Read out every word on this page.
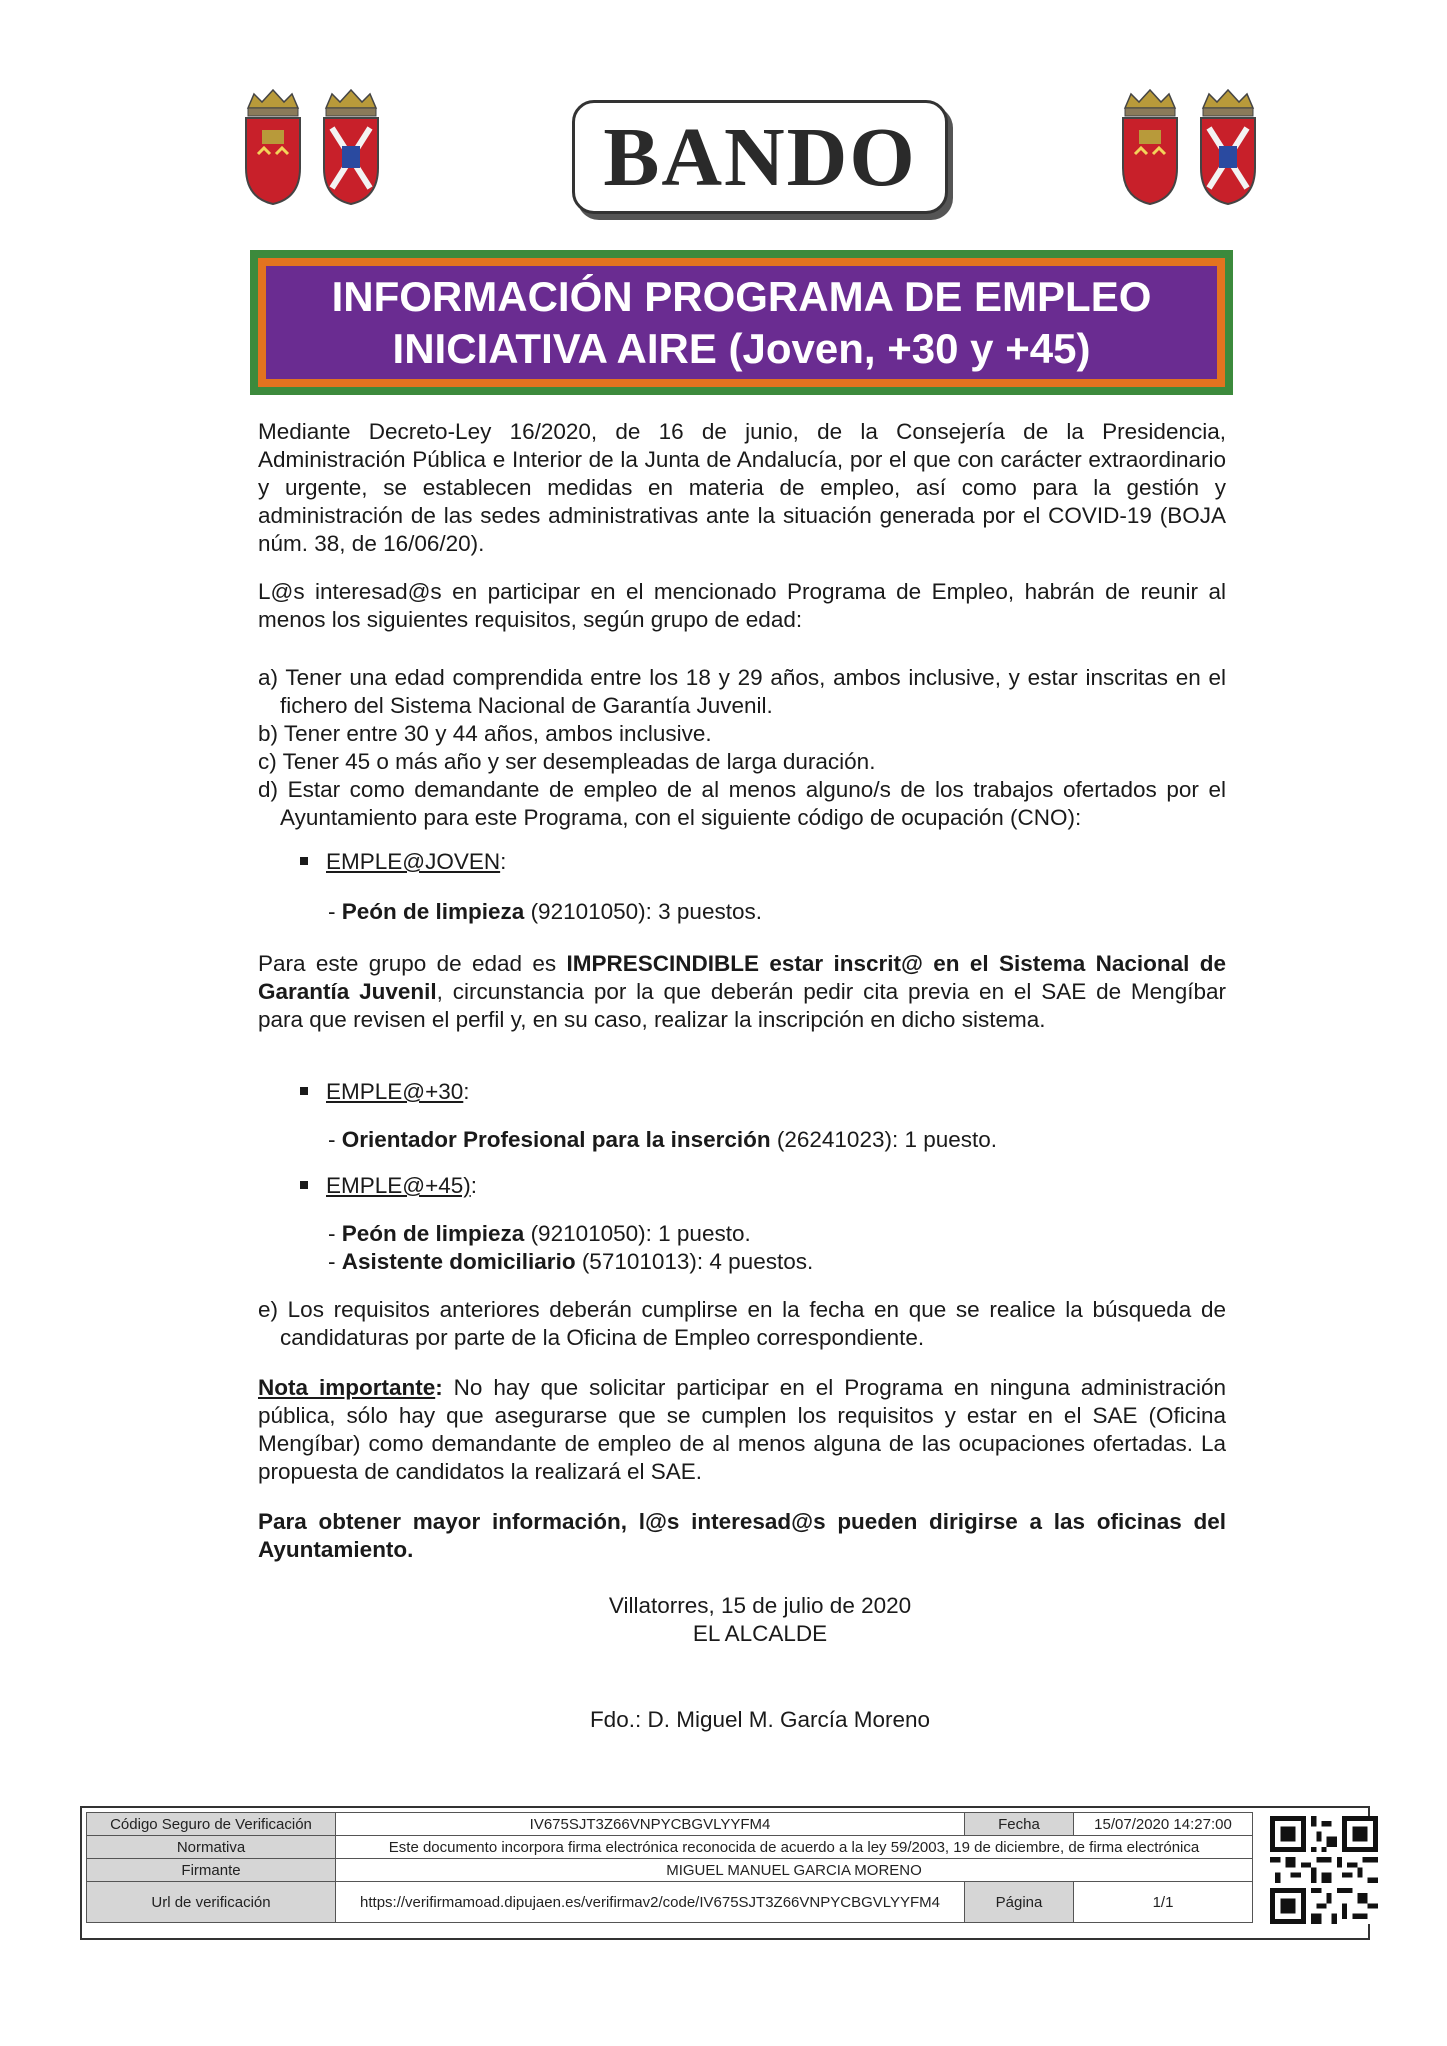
BANDO
INFORMACIÓN PROGRAMA DE EMPLEO
INICIATIVA AIRE (Joven, +30 y +45)

Mediante Decreto-Ley 16/2020, de 16 de junio, de la Consejería de la Presidencia, Administración Pública e Interior de la Junta de Andalucía, por el que con carácter extraordinario y urgente, se establecen medidas en materia de empleo, así como para la gestión y administración de las sedes administrativas ante la situación generada por el COVID-19 (BOJA núm. 38, de 16/06/20).

L@s interesad@s en participar en el mencionado Programa de Empleo, habrán de reunir al menos los siguientes requisitos, según grupo de edad:

a) Tener una edad comprendida entre los 18 y 29 años, ambos inclusive, y estar inscritas en el fichero del Sistema Nacional de Garantía Juvenil.
b) Tener entre 30 y 44 años, ambos inclusive.
c) Tener 45 o más año y ser desempleadas de larga duración.
d) Estar como demandante de empleo de al menos alguno/s de los trabajos ofertados por el Ayuntamiento para este Programa, con el siguiente código de ocupación (CNO):
EMPLE@JOVEN:
- Peón de limpieza (92101050): 3 puestos.

Para este grupo de edad es IMPRESCINDIBLE estar inscrit@ en el Sistema Nacional de Garantía Juvenil, circunstancia por la que deberán pedir cita previa en el SAE de Mengíbar para que revisen el perfil y, en su caso, realizar la inscripción en dicho sistema.

EMPLE@+30:
- Orientador Profesional para la inserción (26241023): 1 puesto.
EMPLE@+45):
- Peón de limpieza (92101050): 1 puesto.
- Asistente domiciliario (57101013): 4 puestos.
e) Los requisitos anteriores deberán cumplirse en la fecha en que se realice la búsqueda de candidaturas por parte de la Oficina de Empleo correspondiente.

Nota importante: No hay que solicitar participar en el Programa en ninguna administración pública, sólo hay que asegurarse que se cumplen los requisitos y estar en el SAE (Oficina Mengíbar) como demandante de empleo de al menos alguna de las ocupaciones ofertadas. La propuesta de candidatos la realizará el SAE.

Para obtener mayor información, l@s interesad@s pueden dirigirse a las oficinas del Ayuntamiento.

Villatorres, 15 de julio de 2020
EL ALCALDE
Fdo.: D. Miguel M. García Moreno
Código Seguro de Verificación	IV675SJT3Z66VNPYCBGVLYYFM4	Fecha	15/07/2020 14:27:00
Normativa	Este documento incorpora firma electrónica reconocida de acuerdo a la ley 59/2003, 19 de diciembre, de firma electrónica		
Firmante	MIGUEL MANUEL GARCIA MORENO		
Url de verificación	https://verifirmamoad.dipujaen.es/verifirmav2/code/IV675SJT3Z66VNPYCBGVLYYFM4	Página	1/1
